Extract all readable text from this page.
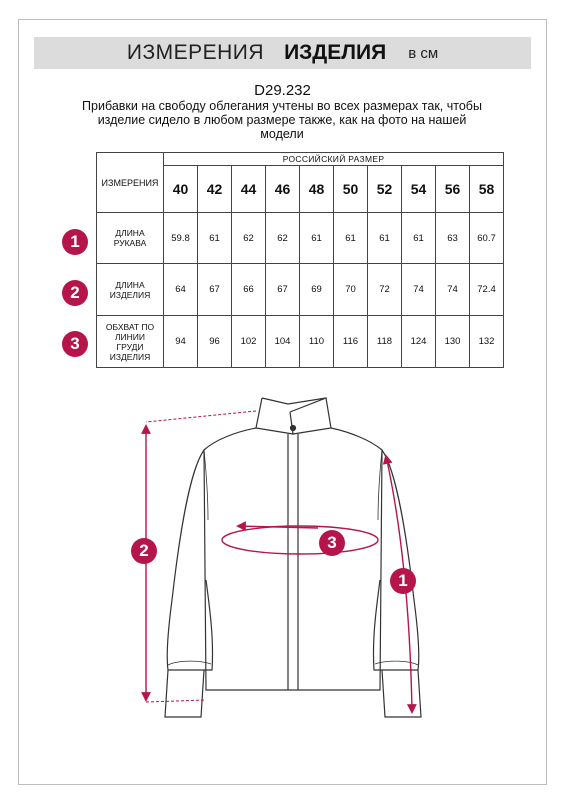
ИЗМЕРЕНИЯ ИЗДЕЛИЯ в см
D29.232
Прибавки на свободу облегания учтены во всех размерах так, чтобы
изделие сидело в любом размере также, как на фото на нашей
модели
ИЗМЕРЕНИЯ	РОССИЙСКИЙ РАЗМЕР									
	40	42	44	46	48	50	52	54	56	58

ДЛИНА
РУКАВА	59.8	61	62	62	61	61	61	61	63	60.7

ДЛИНА
ИЗДЕЛИЯ	64	67	66	67	69	70	72	74	74	72.4

ОБХВАТ ПО
ЛИНИИ
ГРУДИ
ИЗДЕЛИЯ	94	96	102	104	110	116	118	124	130	132
1
2
3
2
1
3
